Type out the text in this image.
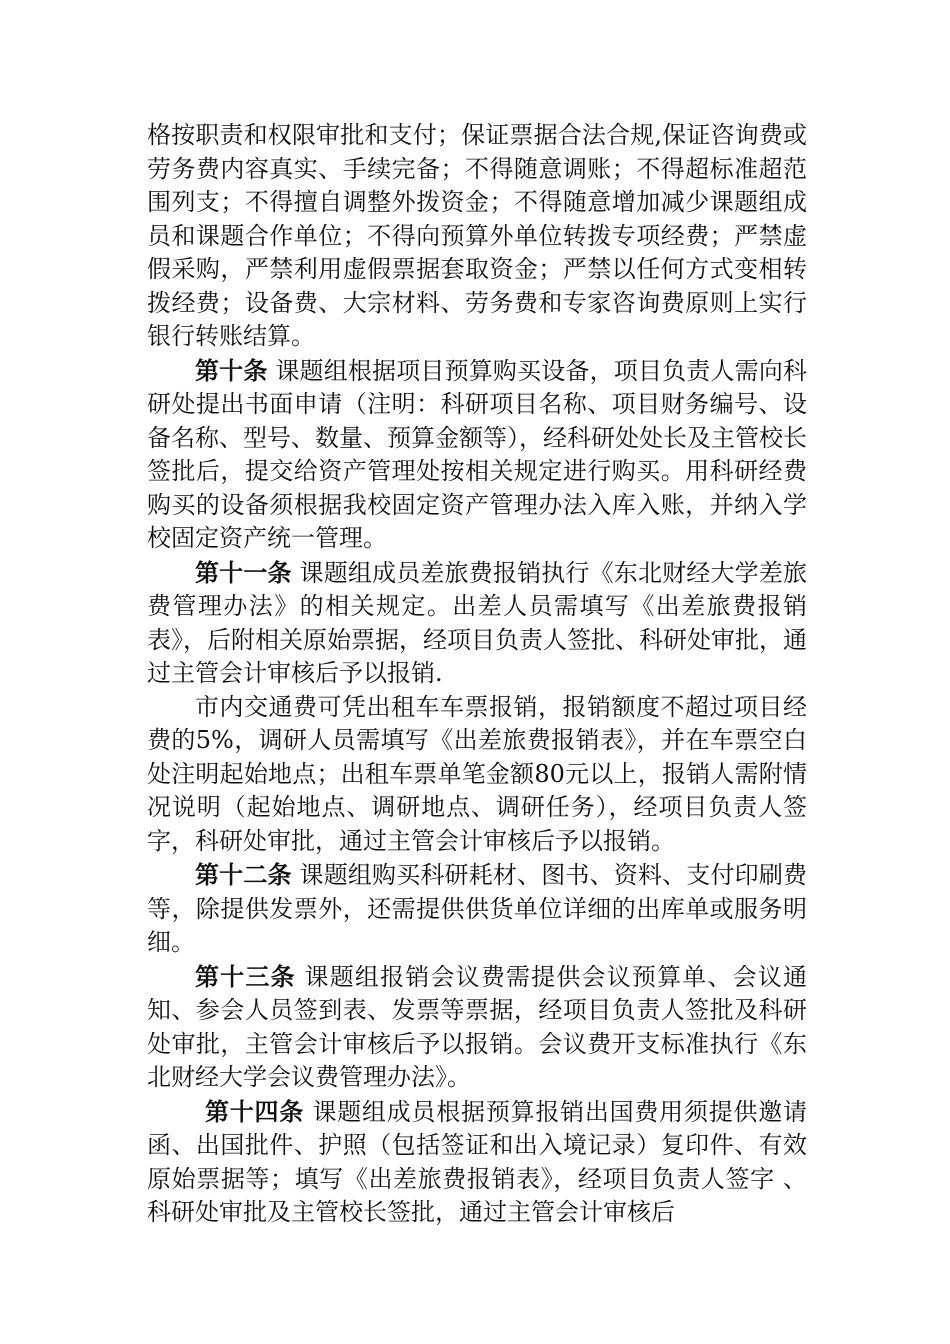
格按职责和权限审批和支付；保证票据合法合规,保证咨询费或劳务费内容真实、手续完备；不得随意调账；不得超标准超范围列支；不得擅自调整外拨资金；不得随意增加减少课题组成员和课题合作单位；不得向预算外单位转拨专项经费；严禁虚假采购，严禁利用虚假票据套取资金；严禁以任何方式变相转拨经费；设备费、大宗材料、劳务费和专家咨询费原则上实行银行转账结算。

第十条 课题组根据项目预算购买设备，项目负责人需向科研处提出书面申请（注明：科研项目名称、项目财务编号、设备名称、型号、数量、预算金额等），经科研处处长及主管校长签批后，提交给资产管理处按相关规定进行购买。用科研经费购买的设备须根据我校固定资产管理办法入库入账，并纳入学校固定资产统一管理。

第十一条 课题组成员差旅费报销执行《东北财经大学差旅费管理办法》的相关规定。出差人员需填写《出差旅费报销表》，后附相关原始票据，经项目负责人签批、科研处审批，通过主管会计审核后予以报销.

市内交通费可凭出租车车票报销，报销额度不超过项目经费的5%，调研人员需填写《出差旅费报销表》，并在车票空白处注明起始地点；出租车票单笔金额80元以上，报销人需附情况说明（起始地点、调研地点、调研任务），经项目负责人签字，科研处审批，通过主管会计审核后予以报销。

第十二条 课题组购买科研耗材、图书、资料、支付印刷费等，除提供发票外，还需提供供货单位详细的出库单或服务明细。

第十三条 课题组报销会议费需提供会议预算单、会议通知、参会人员签到表、发票等票据，经项目负责人签批及科研处审批，主管会计审核后予以报销。会议费开支标准执行《东北财经大学会议费管理办法》。

第十四条 课题组成员根据预算报销出国费用须提供邀请函、出国批件、护照（包括签证和出入境记录）复印件、有效原始票据等；填写《出差旅费报销表》，经项目负责人签字 、科研处审批及主管校长签批，通过主管会计审核后
